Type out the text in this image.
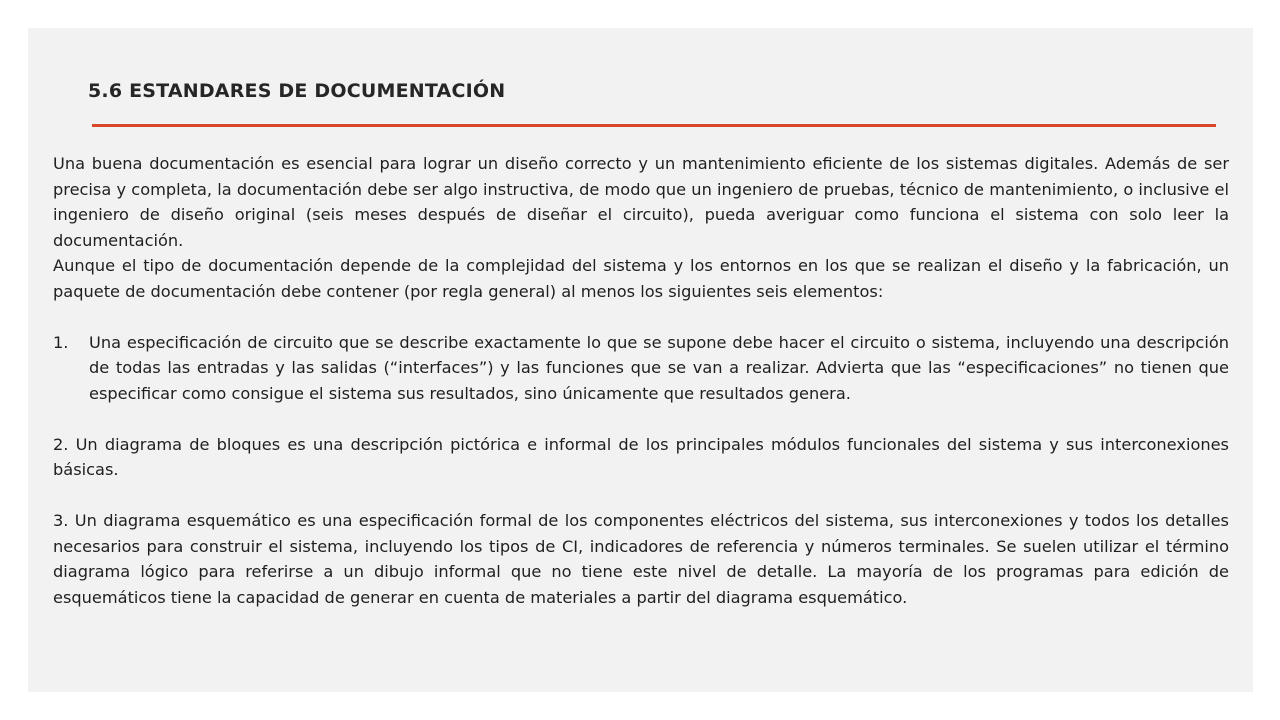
5.6 ESTANDARES DE DOCUMENTACIÓN

Una buena documentación es esencial para lograr un diseño correcto y un mantenimiento eficiente de los sistemas digitales. Además de ser precisa y completa, la documentación debe ser algo instructiva, de modo que un ingeniero de pruebas, técnico de mantenimiento, o inclusive el ingeniero de diseño original (seis meses después de diseñar el circuito), pueda averiguar como funciona el sistema con solo leer la documentación.

Aunque el tipo de documentación depende de la complejidad del sistema y los entornos en los que se realizan el diseño y la fabricación, un paquete de documentación debe contener (por regla general) al menos los siguientes seis elementos:

1.	Una especificación de circuito que se describe exactamente lo que se supone debe hacer el circuito o sistema, incluyendo una descripción de todas las entradas y las salidas (“interfaces”) y las funciones que se van a realizar. Advierta que las “especificaciones” no tienen que especificar como consigue el sistema sus resultados, sino únicamente que resultados genera.

2. Un diagrama de bloques es una descripción pictórica e informal de los principales módulos funcionales del sistema y sus interconexiones básicas.

3. Un diagrama esquemático es una especificación formal de los componentes eléctricos del sistema, sus interconexiones y todos los detalles necesarios para construir el sistema, incluyendo los tipos de CI, indicadores de referencia y números terminales. Se suelen utilizar el término diagrama lógico para referirse a un dibujo informal que no tiene este nivel de detalle. La mayoría de los programas para edición de esquemáticos tiene la capacidad de generar en cuenta de materiales a partir del diagrama esquemático.
